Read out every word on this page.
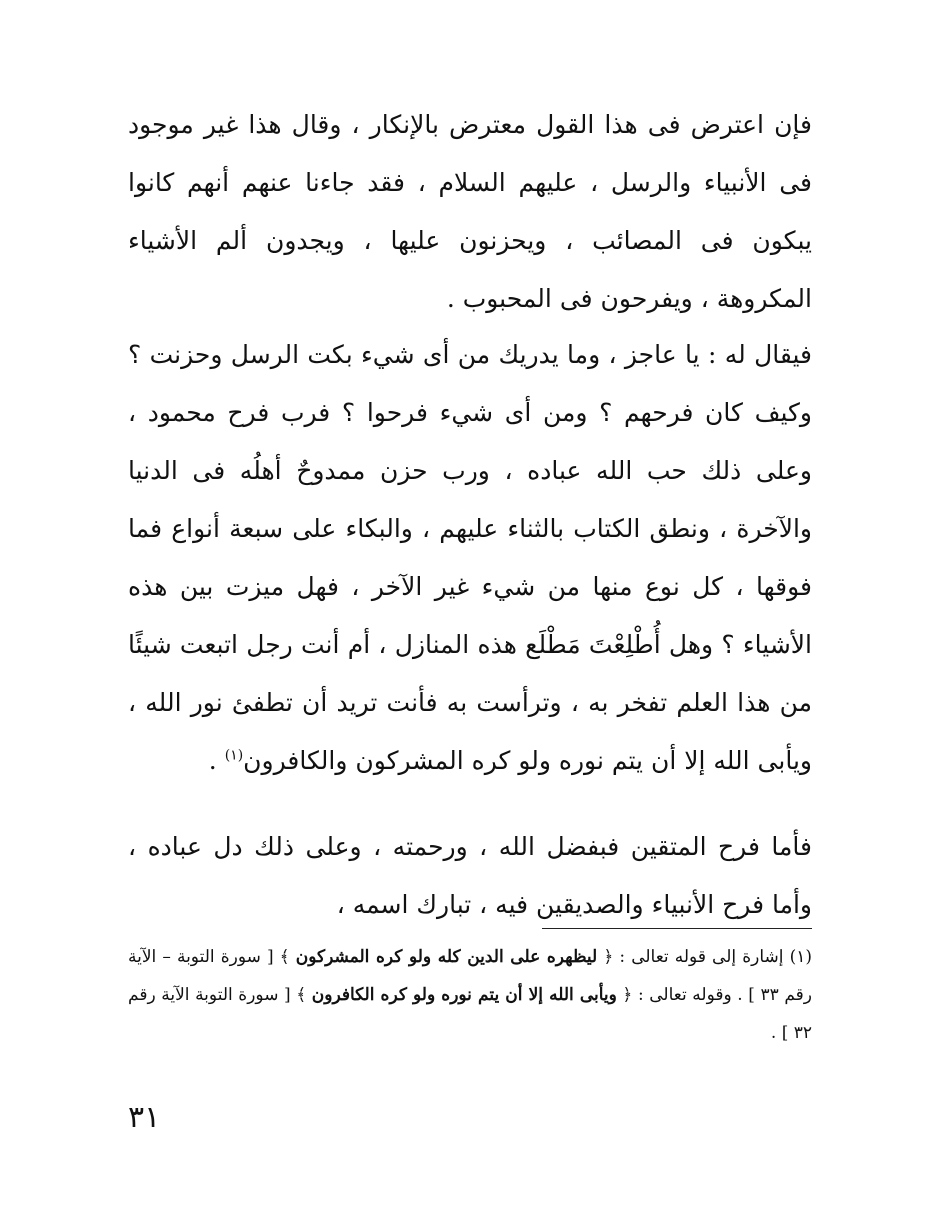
فإن اعترض فى هذا القول معترض بالإنكار ، وقال هذا غير موجود فى الأنبياء والرسل ، عليهم السلام ، فقد جاءنا عنهم أنهم كانوا يبكون فى المصائب ، ويحزنون عليها ، ويجدون ألم الأشياء المكروهة ، ويفرحون فى المحبوب .

فيقال له : يا عاجز ، وما يدريك من أى شيء بكت الرسل وحزنت ؟ وكيف كان فرحهم ؟ ومن أى شيء فرحوا ؟ فرب فرح محمود ، وعلى ذلك حب الله عباده ، ورب حزن ممدوحٌ أهلُه فى الدنيا والآخرة ، ونطق الكتاب بالثناء عليهم ، والبكاء على سبعة أنواع فما فوقها ، كل نوع منها من شيء غير الآخر ، فهل ميزت بين هذه الأشياء ؟ وهل أُطْلِعْتَ مَطْلَع هذه المنازل ، أم أنت رجل اتبعت شيئًا من هذا العلم تفخر به ، وترأست به فأنت تريد أن تطفئ نور الله ، ويأبى الله إلا أن يتم نوره ولو كره المشركون والكافرون$^{(١)}$ .

فأما فرح المتقين فبفضل الله ، ورحمته ، وعلى ذلك دل عباده ، وأما فرح الأنبياء والصديقين فيه ، تبارك اسمه ،

(١) إشارة إلى قوله تعالى : ﴿ ليظهره على الدين كله ولو كره المشركون ﴾ [ سورة التوبة – الآية رقم ٣٣ ] . وقوله تعالى : ﴿ ويأبى الله إلا أن يتم نوره ولو كره الكافرون ﴾ [ سورة التوبة الآية رقم ٣٢ ] .

٣١
